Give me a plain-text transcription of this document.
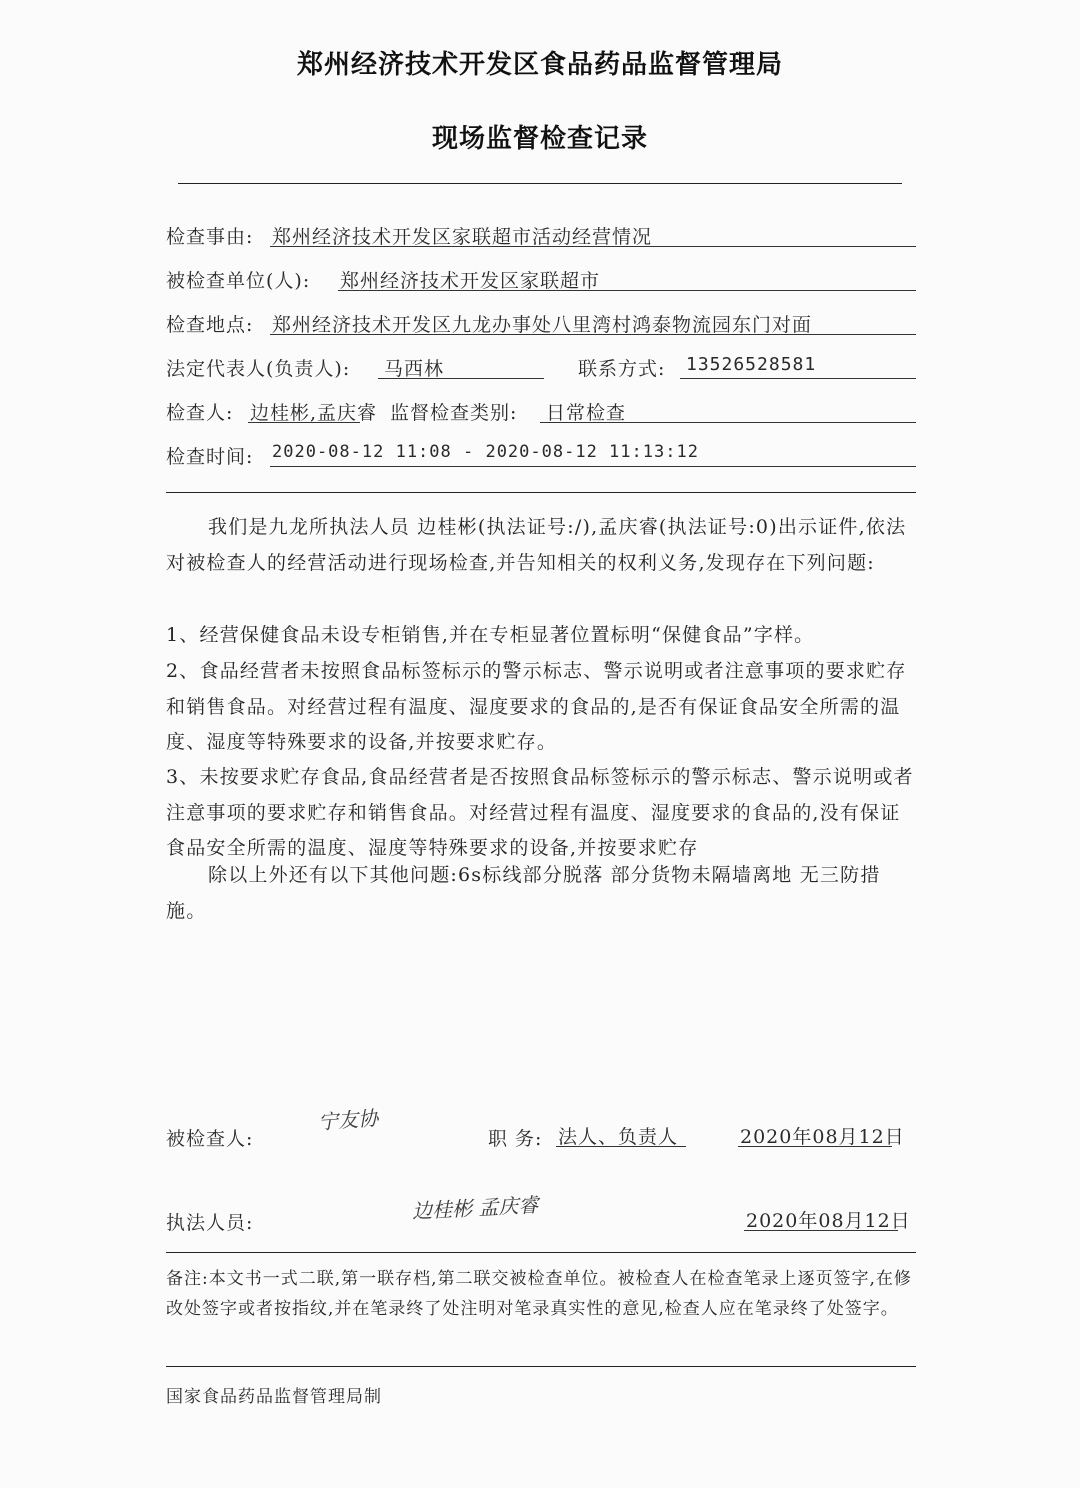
郑州经济技术开发区食品药品监督管理局
现场监督检查记录
检查事由: 郑州经济技术开发区家联超市活动经营情况
被检查单位(人): 郑州经济技术开发区家联超市
检查地点: 郑州经济技术开发区九龙办事处八里湾村鸿泰物流园东门对面
法定代表人(负责人): 马西林	联系方式: 13526528581
检查人: 边桂彬,孟庆睿 监督检查类别: 日常检查
检查时间: 2020-08-12 11:08 - 2020-08-12 11:13:12
我们是九龙所执法人员 边桂彬(执法证号:/),孟庆睿(执法证号:0)出示证件,依法对被检查人的经营活动进行现场检查,并告知相关的权利义务,发现存在下列问题:
1、经营保健食品未设专柜销售,并在专柜显著位置标明“保健食品”字样。
2、食品经营者未按照食品标签标示的警示标志、警示说明或者注意事项的要求贮存和销售食品。对经营过程有温度、湿度要求的食品的,是否有保证食品安全所需的温度、湿度等特殊要求的设备,并按要求贮存。
3、未按要求贮存食品,食品经营者是否按照食品标签标示的警示标志、警示说明或者注意事项的要求贮存和销售食品。对经营过程有温度、湿度要求的食品的,没有保证食品安全所需的温度、湿度等特殊要求的设备,并按要求贮存
除以上外还有以下其他问题:6s标线部分脱落 部分货物未隔墙离地 无三防措施。
被检查人:
宁友协
职 务: 法人、负责人	2020年08月12日
执法人员:	边桂彬 孟庆睿	2020年08月12日
备注:本文书一式二联,第一联存档,第二联交被检查单位。被检查人在检查笔录上逐页签字,在修改处签字或者按指纹,并在笔录终了处注明对笔录真实性的意见,检查人应在笔录终了处签字。
国家食品药品监督管理局制
